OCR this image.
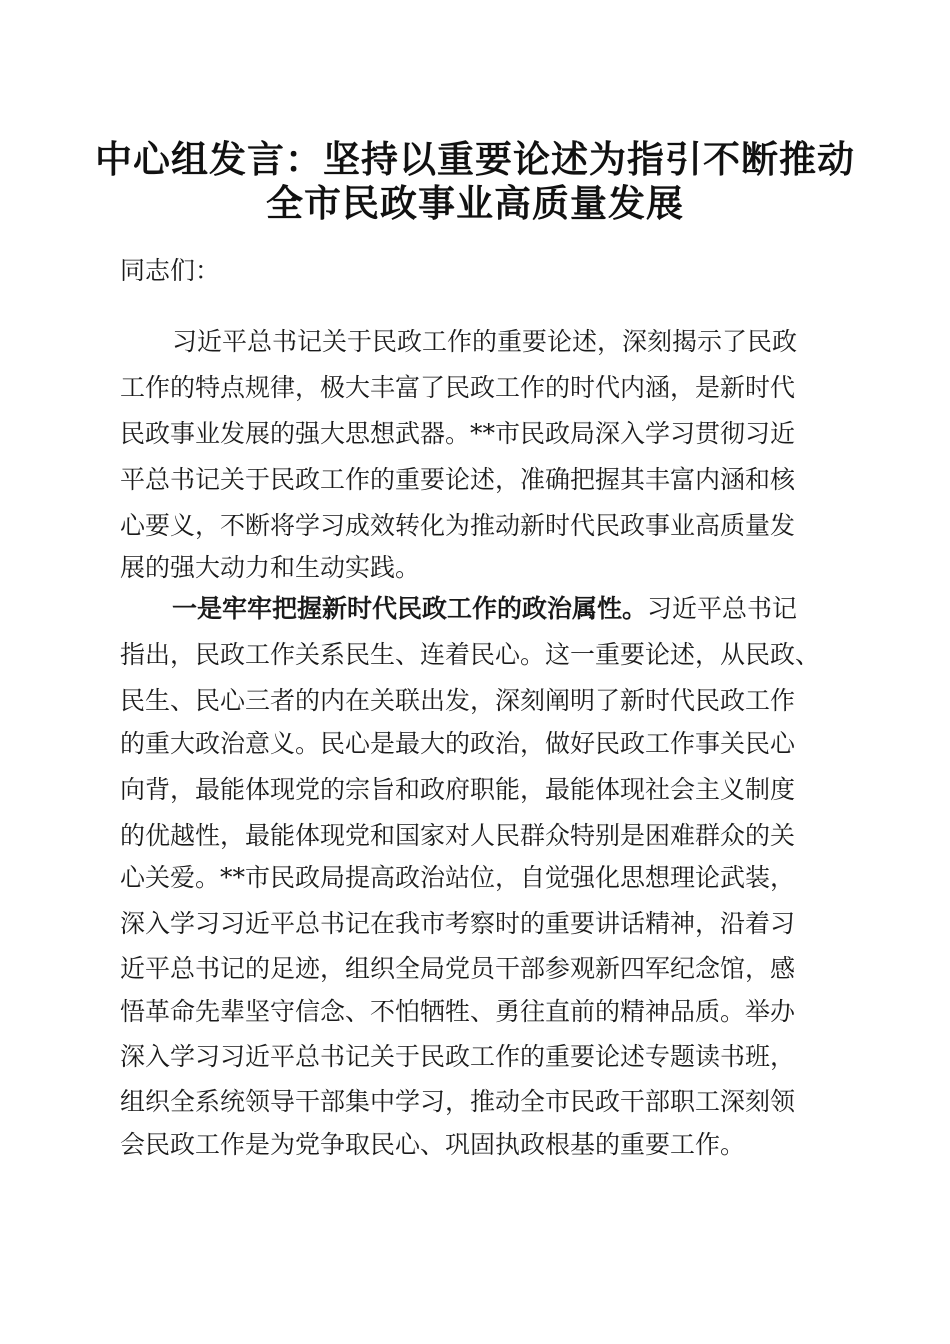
中心组发言：坚持以重要论述为指引不断推动
全市民政事业高质量发展
同志们：
习近平总书记关于民政工作的重要论述，深刻揭示了民政
工作的特点规律，极大丰富了民政工作的时代内涵，是新时代
民政事业发展的强大思想武器。**市民政局深入学习贯彻习近
平总书记关于民政工作的重要论述，准确把握其丰富内涵和核
心要义，不断将学习成效转化为推动新时代民政事业高质量发
展的强大动力和生动实践。
一是牢牢把握新时代民政工作的政治属性。习近平总书记
指出，民政工作关系民生、连着民心。这一重要论述，从民政、
民生、民心三者的内在关联出发，深刻阐明了新时代民政工作
的重大政治意义。民心是最大的政治，做好民政工作事关民心
向背，最能体现党的宗旨和政府职能，最能体现社会主义制度
的优越性，最能体现党和国家对人民群众特别是困难群众的关
心关爱。**市民政局提高政治站位，自觉强化思想理论武装，
深入学习习近平总书记在我市考察时的重要讲话精神，沿着习
近平总书记的足迹，组织全局党员干部参观新四军纪念馆，感
悟革命先辈坚守信念、不怕牺牲、勇往直前的精神品质。举办
深入学习习近平总书记关于民政工作的重要论述专题读书班，
组织全系统领导干部集中学习，推动全市民政干部职工深刻领
会民政工作是为党争取民心、巩固执政根基的重要工作。
